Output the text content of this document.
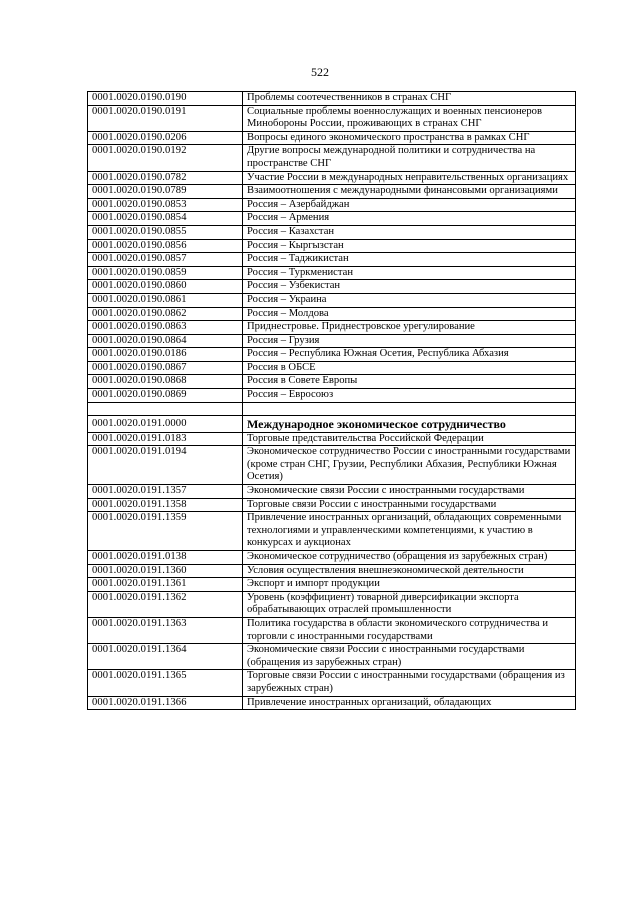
522
0001.0020.0190.0190	Проблемы соотечественников в странах СНГ
0001.0020.0190.0191	Социальные проблемы военнослужащих и военных пенсионеров Минобороны России, проживающих в странах СНГ
0001.0020.0190.0206	Вопросы единого экономического пространства в рамках СНГ
0001.0020.0190.0192	Другие вопросы международной политики и сотрудничества на пространстве СНГ
0001.0020.0190.0782	Участие России в международных неправительственных организациях
0001.0020.0190.0789	Взаимоотношения с международными финансовыми организациями
0001.0020.0190.0853	Россия – Азербайджан
0001.0020.0190.0854	Россия – Армения
0001.0020.0190.0855	Россия – Казахстан
0001.0020.0190.0856	Россия – Кыргызстан
0001.0020.0190.0857	Россия – Таджикистан
0001.0020.0190.0859	Россия – Туркменистан
0001.0020.0190.0860	Россия – Узбекистан
0001.0020.0190.0861	Россия – Украина
0001.0020.0190.0862	Россия – Молдова
0001.0020.0190.0863	Приднестровье. Приднестровское урегулирование
0001.0020.0190.0864	Россия – Грузия
0001.0020.0190.0186	Россия – Республика Южная Осетия, Республика Абхазия
0001.0020.0190.0867	Россия в ОБСЕ
0001.0020.0190.0868	Россия в Совете Европы
0001.0020.0190.0869	Россия – Евросоюз

0001.0020.0191.0000	Международное экономическое сотрудничество
0001.0020.0191.0183	Торговые представительства Российской Федерации
0001.0020.0191.0194	Экономическое сотрудничество России с иностранными государствами (кроме стран СНГ, Грузии, Республики Абхазия, Республики Южная Осетия)
0001.0020.0191.1357	Экономические связи России с иностранными государствами
0001.0020.0191.1358	Торговые связи России с иностранными государствами
0001.0020.0191.1359	Привлечение иностранных организаций, обладающих современными технологиями и управленческими компетенциями, к участию в конкурсах и аукционах
0001.0020.0191.0138	Экономическое сотрудничество (обращения из зарубежных стран)
0001.0020.0191.1360	Условия осуществления внешнеэкономической деятельности
0001.0020.0191.1361	Экспорт и импорт продукции
0001.0020.0191.1362	Уровень (коэффициент) товарной диверсификации экспорта обрабатывающих отраслей промышленности
0001.0020.0191.1363	Политика государства в области экономического сотрудничества и торговли с иностранными государствами
0001.0020.0191.1364	Экономические связи России с иностранными государствами (обращения из зарубежных стран)
0001.0020.0191.1365	Торговые связи России с иностранными государствами (обращения из зарубежных стран)
0001.0020.0191.1366	Привлечение иностранных организаций, обладающих
